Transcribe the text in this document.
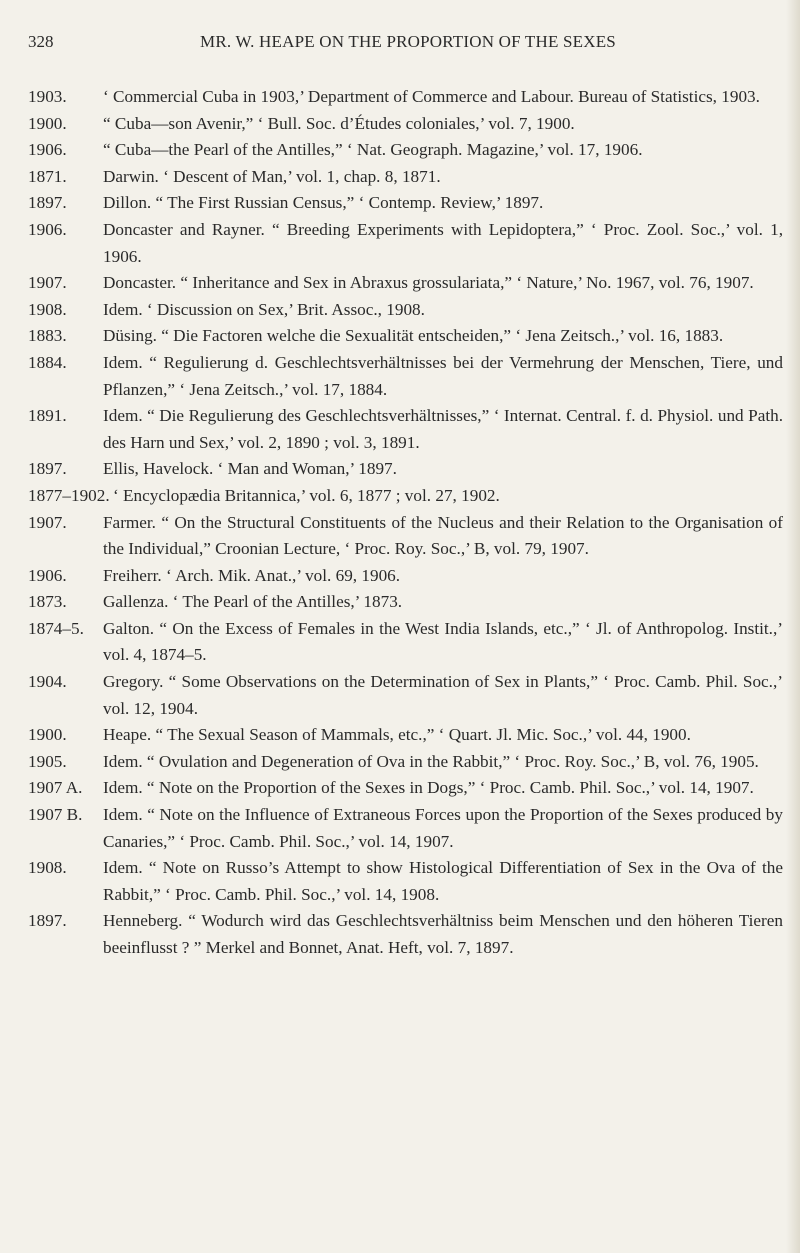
328	MR. W. HEAPE ON THE PROPORTION OF THE SEXES

1903. ‘ Commercial Cuba in 1903,’ Department of Commerce and Labour. Bureau of Statistics, 1903.

1900. “ Cuba—son Avenir,” ‘ Bull. Soc. d’Études coloniales,’ vol. 7, 1900.

1906. “ Cuba—the Pearl of the Antilles,” ‘ Nat. Geograph. Magazine,’ vol. 17, 1906.

1871. Darwin. ‘ Descent of Man,’ vol. 1, chap. 8, 1871.

1897. Dillon. “ The First Russian Census,” ‘ Contemp. Review,’ 1897.

1906. Doncaster and Rayner. “ Breeding Experiments with Lepidoptera,” ‘ Proc. Zool. Soc.,’ vol. 1, 1906.

1907. Doncaster. “ Inheritance and Sex in Abraxus grossulariata,” ‘ Nature,’ No. 1967, vol. 76, 1907.

1908. Idem. ‘ Discussion on Sex,’ Brit. Assoc., 1908.

1883. Düsing. “ Die Factoren welche die Sexualität entscheiden,” ‘ Jena Zeitsch.,’ vol. 16, 1883.

1884. Idem. “ Regulierung d. Geschlechtsverhältnisses bei der Vermehrung der Menschen, Tiere, und Pflanzen,” ‘ Jena Zeitsch.,’ vol. 17, 1884.

1891. Idem. “ Die Regulierung des Geschlechtsverhältnisses,” ‘ Internat. Central. f. d. Physiol. und Path. des Harn und Sex,’ vol. 2, 1890 ; vol. 3, 1891.

1897. Ellis, Havelock. ‘ Man and Woman,’ 1897.

1877–1902. ‘ Encyclopædia Britannica,’ vol. 6, 1877 ; vol. 27, 1902.

1907. Farmer. “ On the Structural Constituents of the Nucleus and their Relation to the Organisation of the Individual,” Croonian Lecture, ‘ Proc. Roy. Soc.,’ B, vol. 79, 1907.

1906. Freiherr. ‘ Arch. Mik. Anat.,’ vol. 69, 1906.

1873. Gallenza. ‘ The Pearl of the Antilles,’ 1873.

1874–5. Galton. “ On the Excess of Females in the West India Islands, etc.,” ‘ Jl. of Anthropolog. Instit.,’ vol. 4, 1874–5.

1904. Gregory. “ Some Observations on the Determination of Sex in Plants,” ‘ Proc. Camb. Phil. Soc.,’ vol. 12, 1904.

1900. Heape. “ The Sexual Season of Mammals, etc.,” ‘ Quart. Jl. Mic. Soc.,’ vol. 44, 1900.

1905. Idem. “ Ovulation and Degeneration of Ova in the Rabbit,” ‘ Proc. Roy. Soc.,’ B, vol. 76, 1905.

1907 A. Idem. “ Note on the Proportion of the Sexes in Dogs,” ‘ Proc. Camb. Phil. Soc.,’ vol. 14, 1907.

1907 B. Idem. “ Note on the Influence of Extraneous Forces upon the Proportion of the Sexes produced by Canaries,” ‘ Proc. Camb. Phil. Soc.,’ vol. 14, 1907.

1908. Idem. “ Note on Russo’s Attempt to show Histological Differentiation of Sex in the Ova of the Rabbit,” ‘ Proc. Camb. Phil. Soc.,’ vol. 14, 1908.

1897. Henneberg. “ Wodurch wird das Geschlechtsverhältniss beim Menschen und den höheren Tieren beeinflusst ? ” Merkel and Bonnet, Anat. Heft, vol. 7, 1897.
